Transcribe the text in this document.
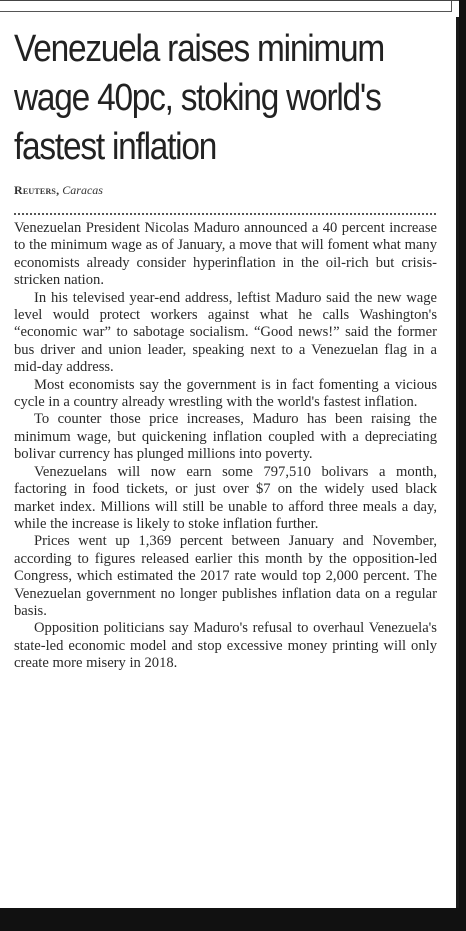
Venezuela raises minimum wage 40pc, stoking world's fastest inflation

Reuters, Caracas

Venezuelan President Nicolas Maduro announced a 40 percent increase to the minimum wage as of January, a move that will foment what many economists already consider hyperinflation in the oil-rich but crisis-stricken nation.

In his televised year-end address, leftist Maduro said the new wage level would protect workers against what he calls Washington's “economic war” to sabotage socialism. “Good news!” said the former bus driver and union leader, speaking next to a Venezuelan flag in a mid-day address.

Most economists say the government is in fact fomenting a vicious cycle in a country already wrestling with the world's fastest inflation.

To counter those price increases, Maduro has been raising the minimum wage, but quickening inflation coupled with a depreciating bolivar currency has plunged millions into poverty.

Venezuelans will now earn some 797,510 bolivars a month, factoring in food tickets, or just over $7 on the widely used black market index. Millions will still be unable to afford three meals a day, while the increase is likely to stoke inflation further.

Prices went up 1,369 percent between January and November, according to figures released earlier this month by the opposition-led Congress, which estimated the 2017 rate would top 2,000 percent. The Venezuelan government no longer publishes inflation data on a regular basis.

Opposition politicians say Maduro's refusal to overhaul Venezuela's state-led economic model and stop excessive money printing will only create more misery in 2018.
